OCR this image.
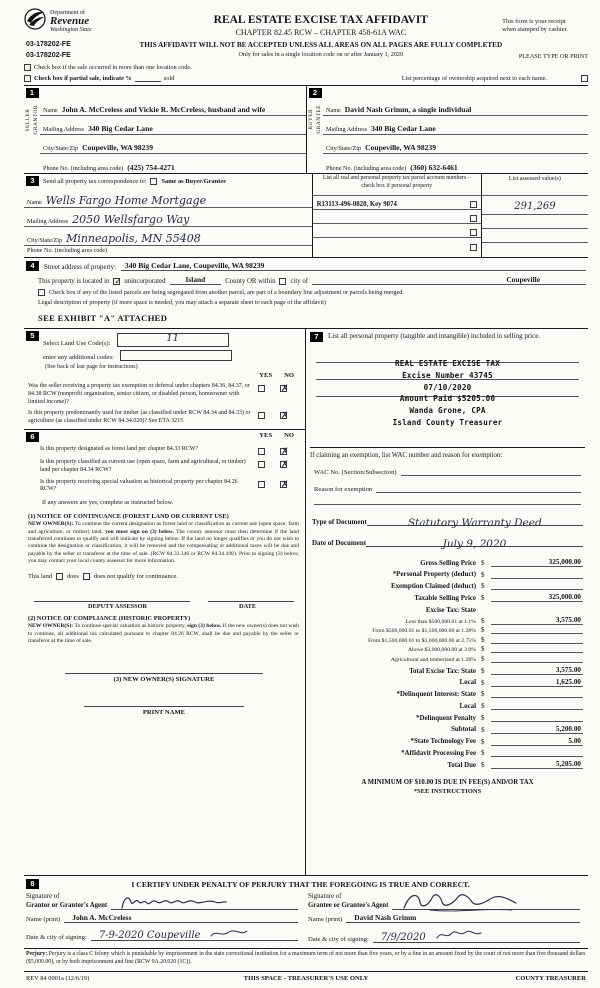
Department of
Revenue
Washington State
03-178202-FE
03-178202-FE
REAL ESTATE EXCISE TAX AFFIDAVIT
CHAPTER 82.45 RCW – CHAPTER 458-61A WAC
THIS AFFIDAVIT WILL NOT BE ACCEPTED UNLESS ALL AREAS ON ALL PAGES ARE FULLY COMPLETED
Only for sales in a single location code on or after January 1, 2020
This form is your receipt
when stamped by cashier.
PLEASE TYPE OR PRINT
Check box if the sale occurred in more than one location code.
Check box if partial sale, indicate %	sold	List percentage of ownership acquired next to each name.
1
SELLER GRANTOR Name John A. McCreless and Vickie R. McCreless, husband and wife
Mailing Address 340 Big Cedar Lane
City/State/Zip Coupeville, WA 98239
Phone No. (including area code) (425) 754-4271
2
BUYER GRANTEE Name David Nash Grimm, a single individual
Mailing Address 340 Big Cedar Lane
City/State/Zip Coupeville, WA 98239
Phone No. (including area code) (360) 632-6461
3	Send all property tax correspondence to: Same as Buyer/Grantee
Name Wells Fargo Home Mortgage
Mailing Address 2050 Wellsfargo Way
City/State/Zip Minneapolis, MN 55408
Phone No. (including area code)
List all real and personal property tax parcel account numbers – check box if personal property
R13113-496-0820, Key 9074
List assessed value(s)
291,269
4	Street address of property:	340 Big Cedar Lane, Coupeville, WA 98239
This property is located in ✓ unincorporated	Island	County OR within city of	Coupeville
Check box if any of the listed parcels are being segregated from another parcel, are part of a boundary line adjustment or parcels being merged.
Legal description of property (if more space is needed, you may attach a separate sheet to each page of the affidavit)
SEE EXHIBIT "A" ATTACHED
5
Select Land Use Code(s):	11
enter any additional codes:
(See back of last page for instructions)
YES NO
Was the seller receiving a property tax exemption or deferral under chapters 84.36, 84.37, or 84.38 RCW (nonprofit organization, senior citizen, or disabled person, homeowner with limited income)?
✗
Is this property predominantly used for timber (as classified under RCW 84.34 and 84.33) or agriculture (as classified under RCW 84.34.020)? See ETA 3215	✗
6	YES NO
Is this property designated as forest land per chapter 84.33 RCW?	✗
Is this property classified as current use (open space, farm and agricultural, or timber) land per chapter 84.34 RCW?	✗
Is this property receiving special valuation as historical property per chapter 84.26 RCW?	✗
If any answers are yes, complete as instructed below.
(1) NOTICE OF CONTINUANCE (FOREST LAND OR CURRENT USE)
NEW OWNER(S): To continue the current designation as forest land or classification as current use (open space, farm and agriculture, or timber) land, you must sign on (3) below. The county assessor must then determine if the land transferred continues to qualify and will indicate by signing below. If the land no longer qualifies or you do not wish to continue the designation or classification, it will be removed and the compensating or additional taxes will be due and payable by the seller or transferor at the time of sale. (RCW 84.33.140 or RCW 84.34.108). Prior to signing (3) below, you may contact your local county assessor for more information.
This land does does not qualify for continuance.
DEPUTY ASSESSOR	DATE
(2) NOTICE OF COMPLIANCE (HISTORIC PROPERTY)
NEW OWNER(S): To continue special valuation as historic property, sign (3) below. If the new owner(s) does not wish to continue, all additional tax calculated pursuant to chapter 84.26 RCW, shall be due and payable by the seller or transferor at the time of sale.
(3) NEW OWNER(S) SIGNATURE
PRINT NAME
7	List all personal property (tangible and intangible) included in selling price.
REAL ESTATE EXCISE TAX
Excise Number 43745
07/10/2020
Amount Paid $5205.00
Wanda Grone, CPA
Island County Treasurer
If claiming an exemption, list WAC number and reason for exemption:
WAC No. (Section/Subsection)
Reason for exemption
Type of Document	Statutory Warranty Deed
Date of Document	July 9, 2020
Gross Selling Price $	325,000.00
*Personal Property (deduct) $
Exemption Claimed (deduct) $
Taxable Selling Price $	325,000.00
Excise Tax: State
Less than $500,000.01 at 1.1% $	3,575.00
From $500,000.01 to $1,500,000.00 at 1.28% $
From $1,500,000.01 to $3,000,000.00 at 2.75% $
Above $3,000,000.00 at 3.0% $
Agricultural and timberland at 1.28% $
Total Excise Tax: State $	3,575.00
Local $	1,625.00
*Delinquent Interest: State $
Local $
*Delinquent Penalty $
Subtotal $	5,200.00
*State Technology Fee $	5.00
*Affidavit Processing Fee $
Total Due $	5,205.00
A MINIMUM OF $10.00 IS DUE IN FEE(S) AND/OR TAX
*SEE INSTRUCTIONS
8	I CERTIFY UNDER PENALTY OF PERJURY THAT THE FOREGOING IS TRUE AND CORRECT.
Signature of
Grantor or Grantor's Agent
Name (print)	John A. McCreless
Date & city of signing: 7-9-2020 Coupeville
Signature of
Grantee or Grantee's Agent
Name (print)	David Nash Grimm
Date & city of signing: 7/9/2020
Perjury: Perjury is a class C felony which is punishable by imprisonment in the state correctional institution for a maximum term of not more than five years, or by a fine in an amount fixed by the court of not more than five thousand dollars ($5,000.00), or by both imprisonment and fine (RCW 9A.20.020 (1C)).
REV 84 0001a (12/6/19)	THIS SPACE - TREASURER'S USE ONLY	COUNTY TREASURER
